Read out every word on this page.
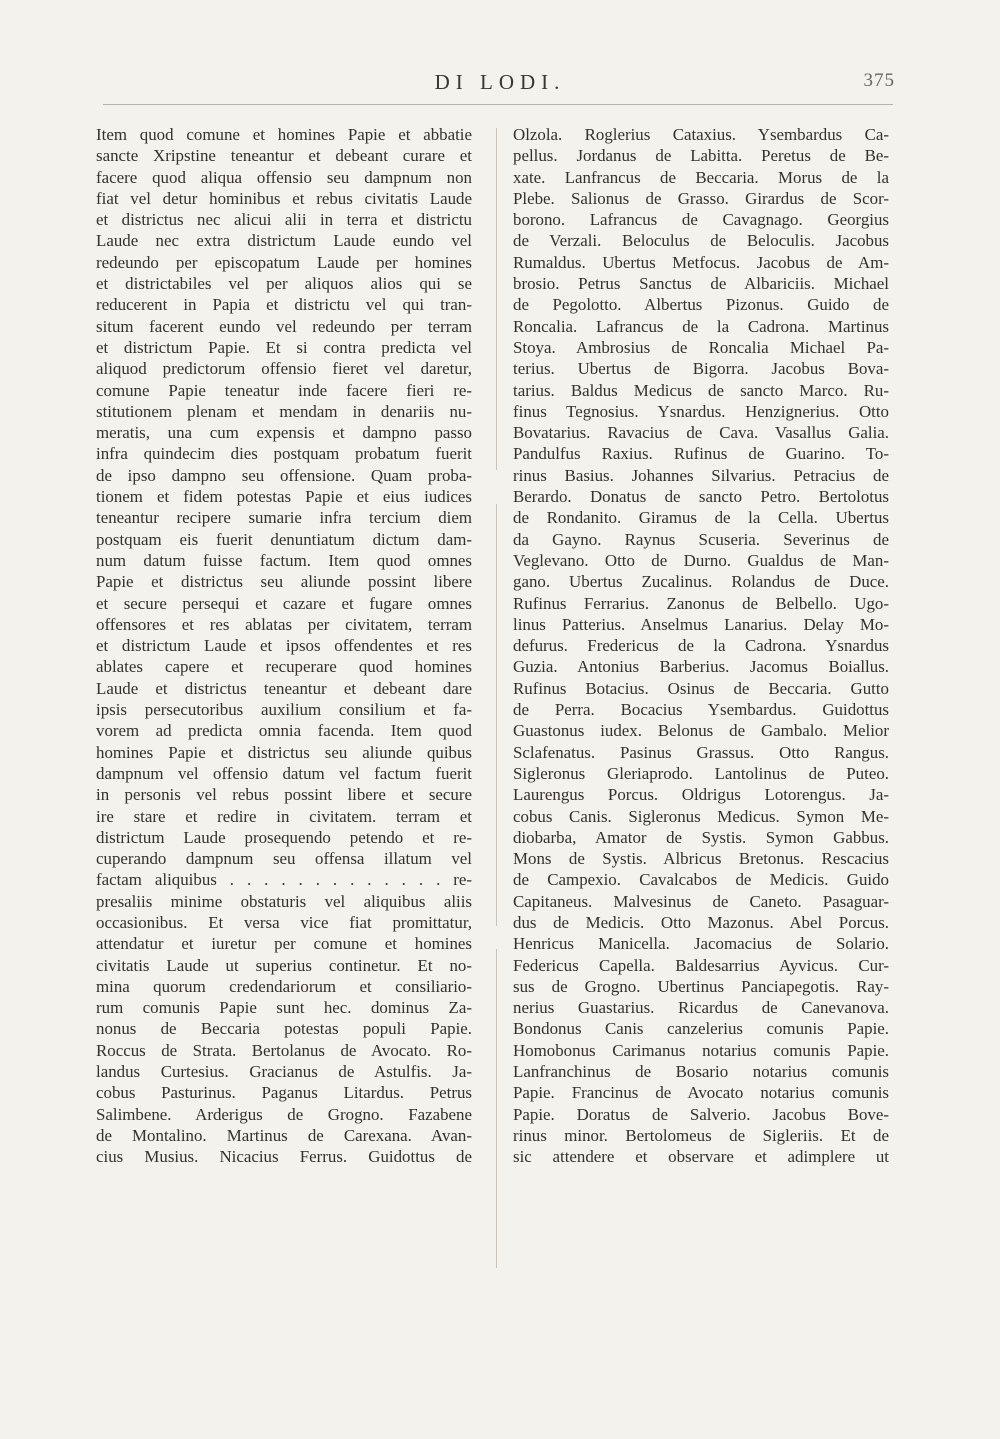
DI LODI.	375
Item quod comune et homines Papie et abbatie
sancte Xripstine teneantur et debeant curare et
facere quod aliqua offensio seu dampnum non
fiat vel detur hominibus et rebus civitatis Laude
et districtus nec alicui alii in terra et districtu
Laude nec extra districtum Laude eundo vel
redeundo per episcopatum Laude per homines
et districtabiles vel per aliquos alios qui se
reducerent in Papia et districtu vel qui tran-
situm facerent eundo vel redeundo per terram
et districtum Papie. Et si contra predicta vel
aliquod predictorum offensio fieret vel daretur,
comune Papie teneatur inde facere fieri re-
stitutionem plenam et mendam in denariis nu-
meratis, una cum expensis et dampno passo
infra quindecim dies postquam probatum fuerit
de ipso dampno seu offensione. Quam proba-
tionem et fidem potestas Papie et eius iudices
teneantur recipere sumarie infra tercium diem
postquam eis fuerit denuntiatum dictum dam-
num datum fuisse factum. Item quod omnes
Papie et districtus seu aliunde possint libere
et secure persequi et cazare et fugare omnes
offensores et res ablatas per civitatem, terram
et districtum Laude et ipsos offendentes et res
ablates capere et recuperare quod homines
Laude et districtus teneantur et debeant dare
ipsis persecutoribus auxilium consilium et fa-
vorem ad predicta omnia facenda. Item quod
homines Papie et districtus seu aliunde quibus
dampnum vel offensio datum vel factum fuerit
in personis vel rebus possint libere et secure
ire stare et redire in civitatem. terram et
districtum Laude prosequendo petendo et re-
cuperando dampnum seu offensa illatum vel
factam aliquibus . . . . . . . . . . . . . re-
presaliis minime obstaturis vel aliquibus aliis
occasionibus. Et versa vice fiat promittatur,
attendatur et iuretur per comune et homines
civitatis Laude ut superius continetur. Et no-
mina quorum credendariorum et consiliario-
rum comunis Papie sunt hec. dominus Za-
nonus de Beccaria potestas populi Papie.
Roccus de Strata. Bertolanus de Avocato. Ro-
landus Curtesius. Gracianus de Astulfis. Ja-
cobus Pasturinus. Paganus Litardus. Petrus
Salimbene. Arderigus de Grogno. Fazabene
de Montalino. Martinus de Carexana. Avan-
cius Musius. Nicacius Ferrus. Guidottus de
Olzola. Roglerius Cataxius. Ysembardus Ca-
pellus. Jordanus de Labitta. Peretus de Be-
xate. Lanfrancus de Beccaria. Morus de la
Plebe. Salionus de Grasso. Girardus de Scor-
borono. Lafrancus de Cavagnago. Georgius
de Verzali. Beloculus de Beloculis. Jacobus
Rumaldus. Ubertus Metfocus. Jacobus de Am-
brosio. Petrus Sanctus de Albariciis. Michael
de Pegolotto. Albertus Pizonus. Guido de
Roncalia. Lafrancus de la Cadrona. Martinus
Stoya. Ambrosius de Roncalia Michael Pa-
terius. Ubertus de Bigorra. Jacobus Bova-
tarius. Baldus Medicus de sancto Marco. Ru-
finus Tegnosius. Ysnardus. Henzignerius. Otto
Bovatarius. Ravacius de Cava. Vasallus Galia.
Pandulfus Raxius. Rufinus de Guarino. To-
rinus Basius. Johannes Silvarius. Petracius de
Berardo. Donatus de sancto Petro. Bertolotus
de Rondanito. Giramus de la Cella. Ubertus
da Gayno. Raynus Scuseria. Severinus de
Veglevano. Otto de Durno. Gualdus de Man-
gano. Ubertus Zucalinus. Rolandus de Duce.
Rufinus Ferrarius. Zanonus de Belbello. Ugo-
linus Patterius. Anselmus Lanarius. Delay Mo-
defurus. Fredericus de la Cadrona. Ysnardus
Guzia. Antonius Barberius. Jacomus Boiallus.
Rufinus Botacius. Osinus de Beccaria. Gutto
de Perra. Bocacius Ysembardus. Guidottus
Guastonus iudex. Belonus de Gambalo. Melior
Sclafenatus. Pasinus Grassus. Otto Rangus.
Sigleronus Gleriaprodo. Lantolinus de Puteo.
Laurengus Porcus. Oldrigus Lotorengus. Ja-
cobus Canis. Sigleronus Medicus. Symon Me-
diobarba, Amator de Systis. Symon Gabbus.
Mons de Systis. Albricus Bretonus. Rescacius
de Campexio. Cavalcabos de Medicis. Guido
Capitaneus. Malvesinus de Caneto. Pasaguar-
dus de Medicis. Otto Mazonus. Abel Porcus.
Henricus Manicella. Jacomacius de Solario.
Federicus Capella. Baldesarrius Ayvicus. Cur-
sus de Grogno. Ubertinus Panciapegotis. Ray-
nerius Guastarius. Ricardus de Canevanova.
Bondonus Canis canzelerius comunis Papie.
Homobonus Carimanus notarius comunis Papie.
Lanfranchinus de Bosario notarius comunis
Papie. Francinus de Avocato notarius comunis
Papie. Doratus de Salverio. Jacobus Bove-
rinus minor. Bertolomeus de Sigleriis. Et de
sic attendere et observare et adimplere ut
